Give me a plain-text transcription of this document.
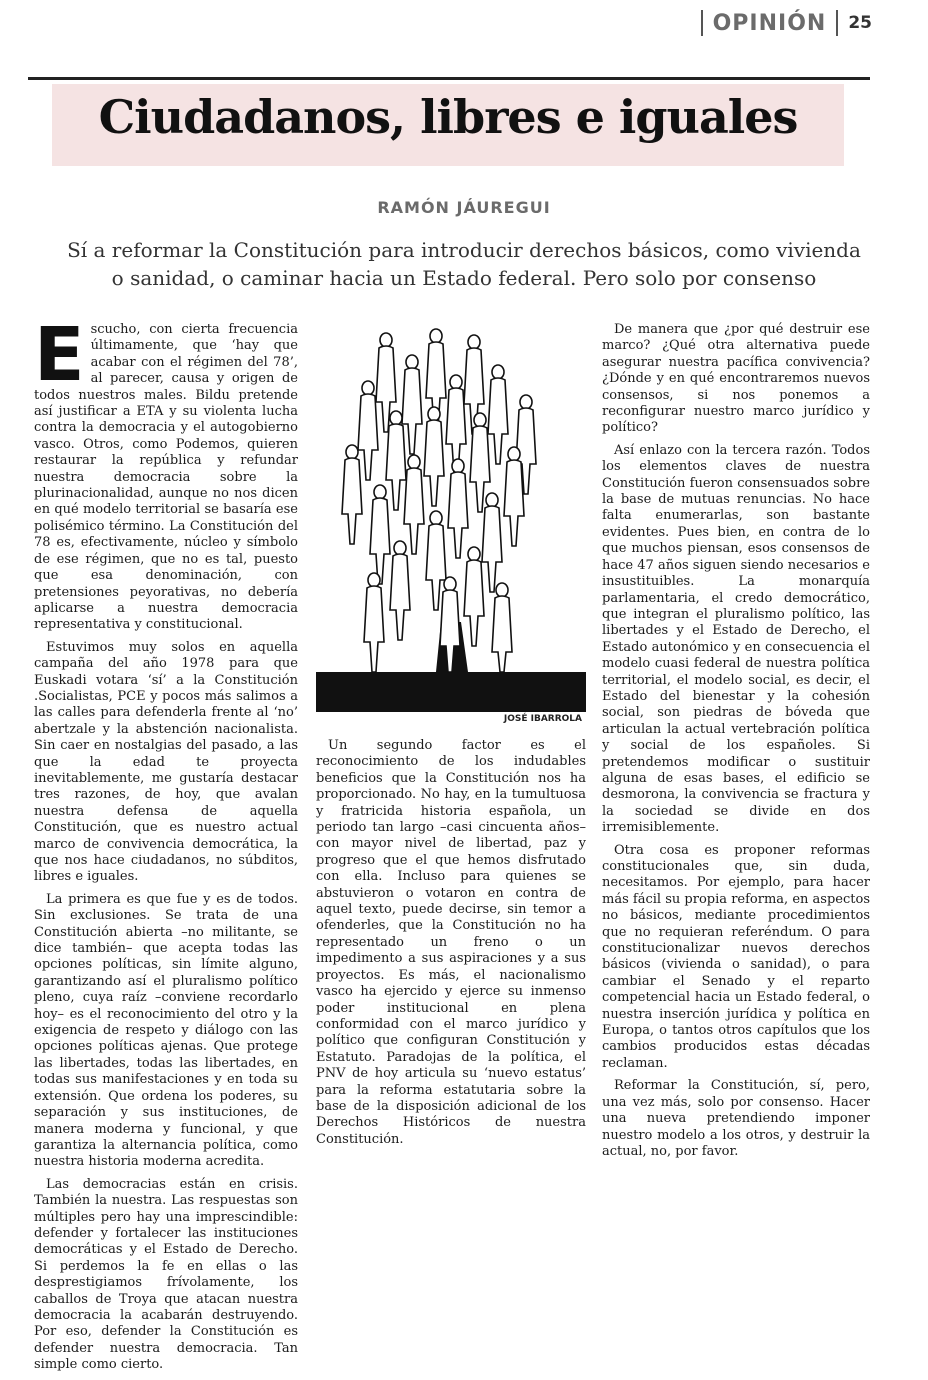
OPINIÓN 25
Ciudadanos, libres e iguales
RAMÓN JÁUREGUI
Sí a reformar la Constitución para introducir derechos básicos, como vivienda o sanidad, o caminar hacia un Estado federal. Pero solo por consenso

Escucho, con cierta frecuencia últimamente, que ‘hay que acabar con el régimen del 78’, al parecer, causa y origen de todos nuestros males. Bildu pretende así justificar a ETA y su violenta lucha contra la democracia y el autogobierno vasco. Otros, como Podemos, quieren restaurar la república y refundar nuestra democracia sobre la plurinacionalidad, aunque no nos dicen en qué modelo territorial se basaría ese polisémico término. La Constitución del 78 es, efectivamente, núcleo y símbolo de ese régimen, que no es tal, puesto que esa denominación, con pretensiones peyorativas, no debería aplicarse a nuestra democracia representativa y constitucional.

Estuvimos muy solos en aquella campaña del año 1978 para que Euskadi votara ‘sí’ a la Constitución .Socialistas, PCE y pocos más salimos a las calles para defenderla frente al ‘no’ abertzale y la abstención nacionalista. Sin caer en nostalgias del pasado, a las que la edad te proyecta inevitablemente, me gustaría destacar tres razones, de hoy, que avalan nuestra defensa de aquella Constitución, que es nuestro actual marco de convivencia democrática, la que nos hace ciudadanos, no súbditos, libres e iguales.

La primera es que fue y es de todos. Sin exclusiones. Se trata de una Constitución abierta –no militante, se dice también– que acepta todas las opciones políticas, sin límite alguno, garantizando así el pluralismo político pleno, cuya raíz –conviene recordarlo hoy– es el reconocimiento del otro y la exigencia de respeto y diálogo con las opciones políticas ajenas. Que protege las libertades, todas las libertades, en todas sus manifestaciones y en toda su extensión. Que ordena los poderes, su separación y sus instituciones, de manera moderna y funcional, y que garantiza la alternancia política, como nuestra historia moderna acredita.

Las democracias están en crisis. También la nuestra. Las respuestas son múltiples pero hay una imprescindible: defender y fortalecer las instituciones democráticas y el Estado de Derecho. Si perdemos la fe en ellas o las desprestigiamos frívolamente, los caballos de Troya que atacan nuestra democracia la acabarán destruyendo. Por eso, defender la Constitución es defender nuestra democracia. Tan simple como cierto.

JOSÉ IBARROLA

Un segundo factor es el reconocimiento de los indudables beneficios que la Constitución nos ha proporcionado. No hay, en la tumultuosa y fratricida historia española, un periodo tan largo –casi cincuenta años– con mayor nivel de libertad, paz y progreso que el que hemos disfrutado con ella. Incluso para quienes se abstuvieron o votaron en contra de aquel texto, puede decirse, sin temor a ofenderles, que la Constitución no ha representado un freno o un impedimento a sus aspiraciones y a sus proyectos. Es más, el nacionalismo vasco ha ejercido y ejerce su inmenso poder institucional en plena conformidad con el marco jurídico y político que configuran Constitución y Estatuto. Paradojas de la política, el PNV de hoy articula su ‘nuevo estatus’ para la reforma estatutaria sobre la base de la disposición adicional de los Derechos Históricos de nuestra Constitución.

De manera que ¿por qué destruir ese marco? ¿Qué otra alternativa puede asegurar nuestra pacífica convivencia? ¿Dónde y en qué encontraremos nuevos consensos, si nos ponemos a reconfigurar nuestro marco jurídico y político?

Así enlazo con la tercera razón. Todos los elementos claves de nuestra Constitución fueron consensuados sobre la base de mutuas renuncias. No hace falta enumerarlas, son bastante evidentes. Pues bien, en contra de lo que muchos piensan, esos consensos de hace 47 años siguen siendo necesarios e insustituibles. La monarquía parlamentaria, el credo democrático, que integran el pluralismo político, las libertades y el Estado de Derecho, el Estado autonómico y en consecuencia el modelo cuasi federal de nuestra política territorial, el modelo social, es decir, el Estado del bienestar y la cohesión social, son piedras de bóveda que articulan la actual vertebración política y social de los españoles. Si pretendemos modificar o sustituir alguna de esas bases, el edificio se desmorona, la convivencia se fractura y la sociedad se divide en dos irremisiblemente.

Otra cosa es proponer reformas constitucionales que, sin duda, necesitamos. Por ejemplo, para hacer más fácil su propia reforma, en aspectos no básicos, mediante procedimientos que no requieran referéndum. O para constitucionalizar nuevos derechos básicos (vivienda o sanidad), o para cambiar el Senado y el reparto competencial hacia un Estado federal, o nuestra inserción jurídica y política en Europa, o tantos otros capítulos que los cambios producidos estas décadas reclaman.

Reformar la Constitución, sí, pero, una vez más, solo por consenso. Hacer una nueva pretendiendo imponer nuestro modelo a los otros, y destruir la actual, no, por favor.
